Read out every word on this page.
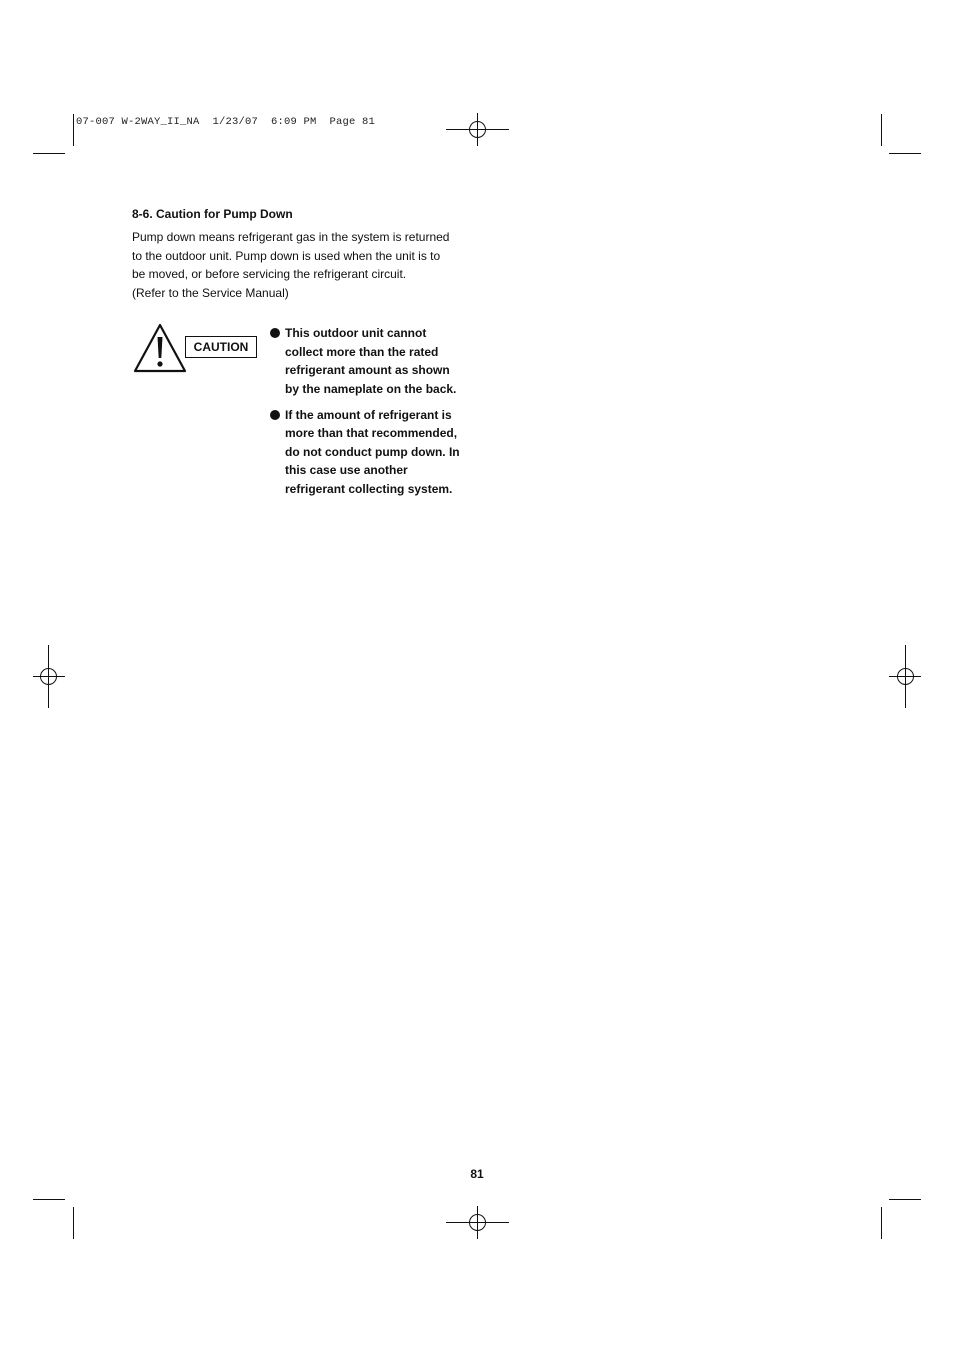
07-007 W-2WAY_II_NA  1/23/07  6:09 PM  Page 81
8-6. Caution for Pump Down
Pump down means refrigerant gas in the system is returned
to the outdoor unit. Pump down is used when the unit is to
be moved, or before servicing the refrigerant circuit.
(Refer to the Service Manual)
CAUTION
This outdoor unit cannot
collect more than the rated
refrigerant amount as shown
by the nameplate on the back.
If the amount of refrigerant is
more than that recommended,
do not conduct pump down. In
this case use another
refrigerant collecting system.
81
